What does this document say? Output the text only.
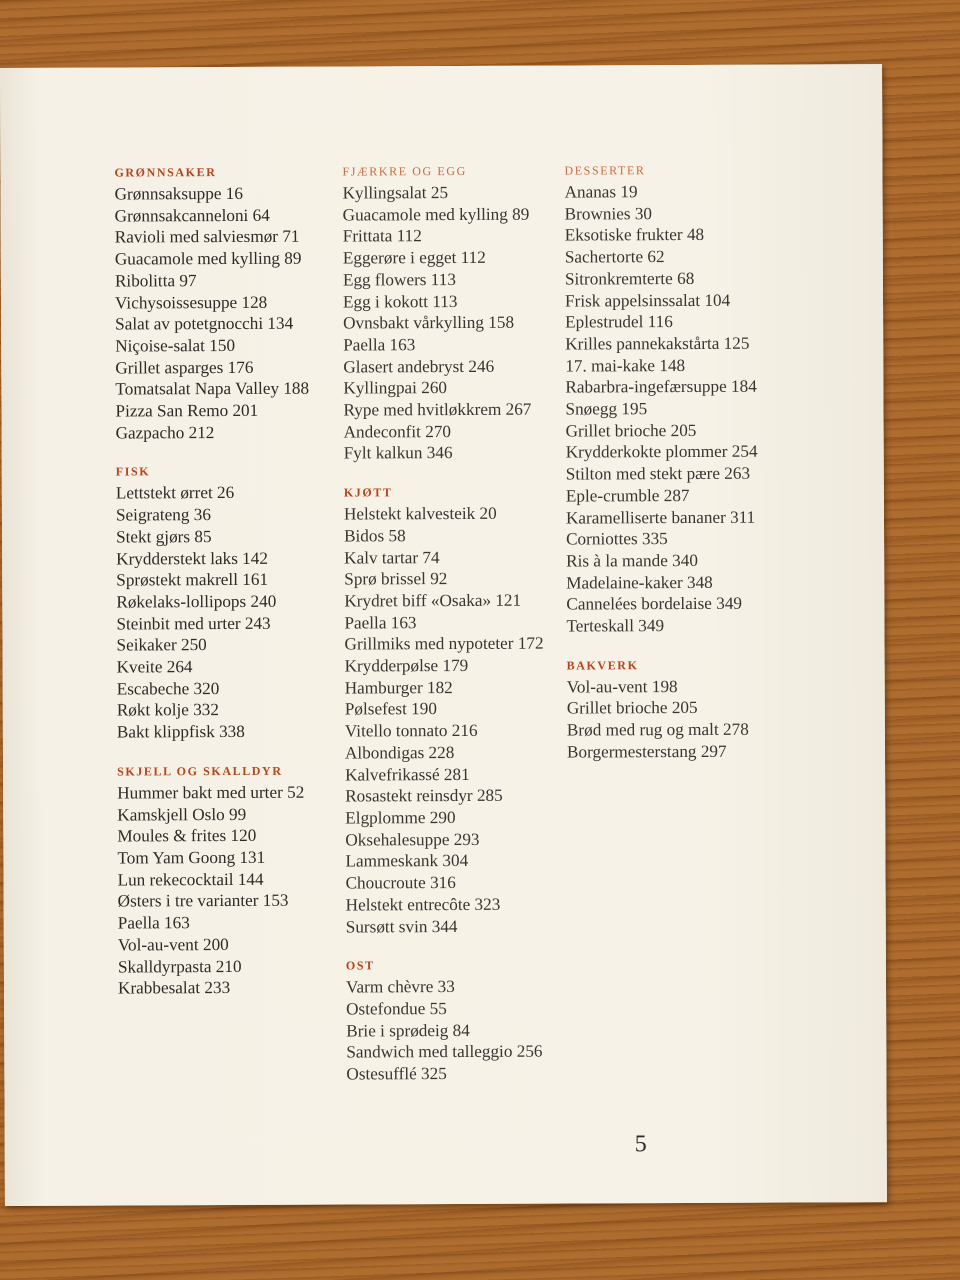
GRØNNSAKER
Grønnsaksuppe 16
Grønnsakcanneloni 64
Ravioli med salviesmør 71
Guacamole med kylling 89
Ribolitta 97
Vichysoissesuppe 128
Salat av potetgnocchi 134
Niçoise-salat 150
Grillet asparges 176
Tomatsalat Napa Valley 188
Pizza San Remo 201
Gazpacho 212
FISK
Lettstekt ørret 26
Seigrateng 36
Stekt gjørs 85
Krydderstekt laks 142
Sprøstekt makrell 161
Røkelaks-lollipops 240
Steinbit med urter 243
Seikaker 250
Kveite 264
Escabeche 320
Røkt kolje 332
Bakt klippfisk 338
SKJELL OG SKALLDYR
Hummer bakt med urter 52
Kamskjell Oslo 99
Moules & frites 120
Tom Yam Goong 131
Lun rekecocktail 144
Østers i tre varianter 153
Paella 163
Vol-au-vent 200
Skalldyrpasta 210
Krabbesalat 233
FJÆRKRE OG EGG
Kyllingsalat 25
Guacamole med kylling 89
Frittata 112
Eggerøre i egget 112
Egg flowers 113
Egg i kokott 113
Ovnsbakt vårkylling 158
Paella 163
Glasert andebryst 246
Kyllingpai 260
Rype med hvitløkkrem 267
Andeconfit 270
Fylt kalkun 346
KJØTT
Helstekt kalvesteik 20
Bidos 58
Kalv tartar 74
Sprø brissel 92
Krydret biff «Osaka» 121
Paella 163
Grillmiks med nypoteter 172
Krydderpølse 179
Hamburger 182
Pølsefest 190
Vitello tonnato 216
Albondigas 228
Kalvefrikassé 281
Rosastekt reinsdyr 285
Elgplomme 290
Oksehalesuppe 293
Lammeskank 304
Choucroute 316
Helstekt entrecôte 323
Sursøtt svin 344
OST
Varm chèvre 33
Ostefondue 55
Brie i sprødeig 84
Sandwich med talleggio 256
Ostesufflé 325
DESSERTER
Ananas 19
Brownies 30
Eksotiske frukter 48
Sachertorte 62
Sitronkremterte 68
Frisk appelsinssalat 104
Eplestrudel 116
Krilles pannekakstårta 125
17. mai-kake 148
Rabarbra-ingefærsuppe 184
Snøegg 195
Grillet brioche 205
Krydderkokte plommer 254
Stilton med stekt pære 263
Eple-crumble 287
Karamelliserte bananer 311
Corniottes 335
Ris à la mande 340
Madelaine-kaker 348
Cannelées bordelaise 349
Terteskall 349
BAKVERK
Vol-au-vent 198
Grillet brioche 205
Brød med rug og malt 278
Borgermesterstang 297
5
